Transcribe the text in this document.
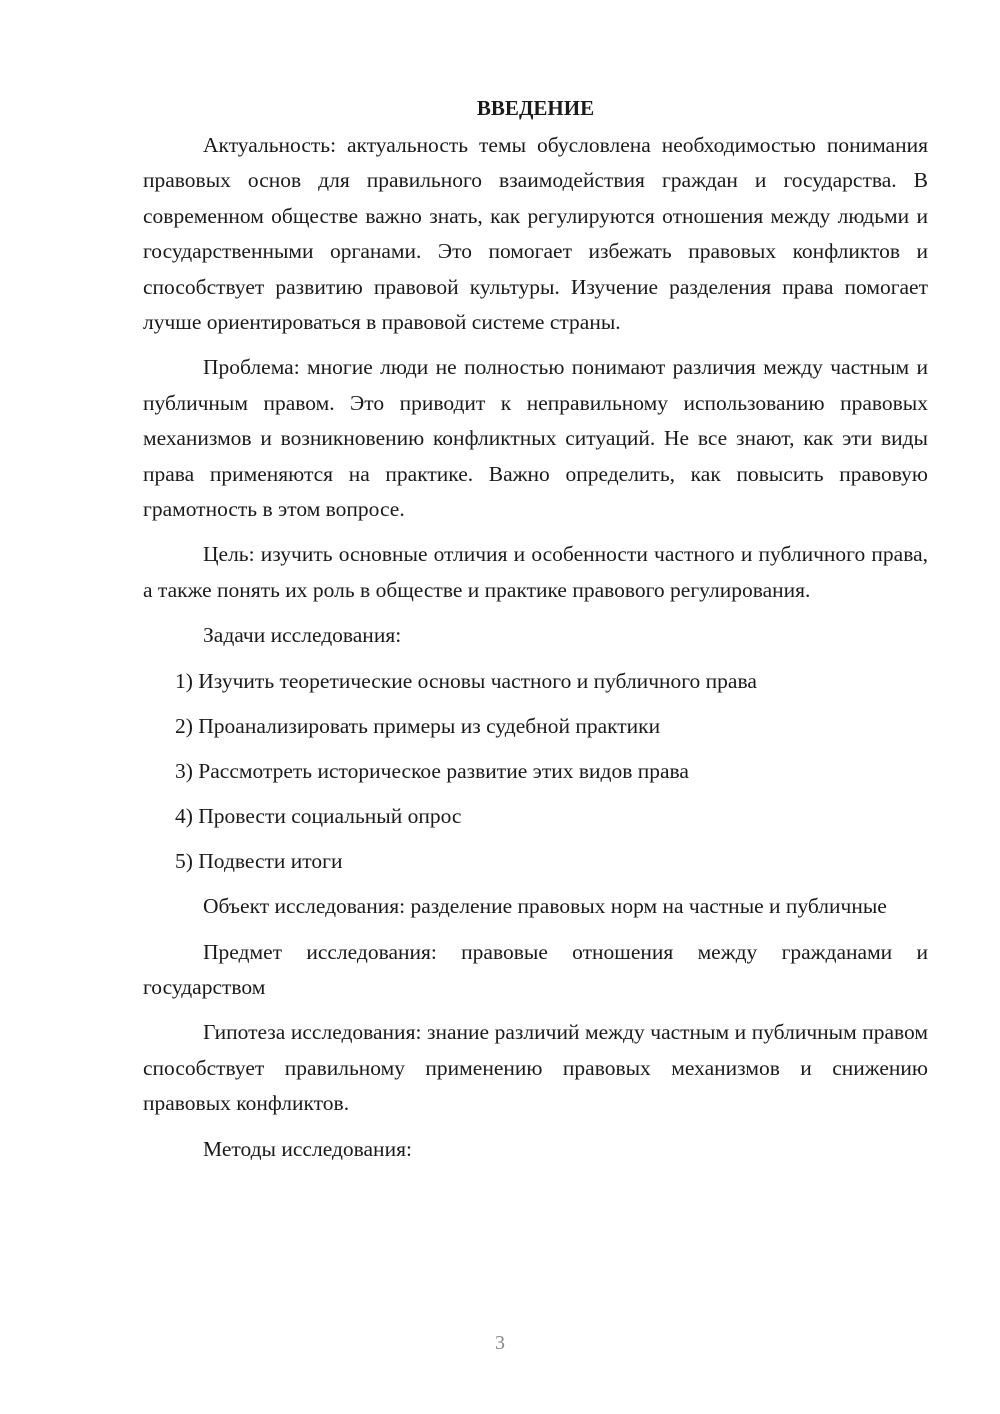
ВВЕДЕНИЕ

Актуальность: актуальность темы обусловлена необходимостью понимания правовых основ для правильного взаимодействия граждан и государства. В современном обществе важно знать, как регулируются отношения между людьми и государственными органами. Это помогает избежать правовых конфликтов и способствует развитию правовой культуры. Изучение разделения права помогает лучше ориентироваться в правовой системе страны.

Проблема: многие люди не полностью понимают различия между частным и публичным правом. Это приводит к неправильному использованию правовых механизмов и возникновению конфликтных ситуаций. Не все знают, как эти виды права применяются на практике. Важно определить, как повысить правовую грамотность в этом вопросе.

Цель: изучить основные отличия и особенности частного и публичного права, а также понять их роль в обществе и практике правового регулирования.

Задачи исследования:

1) Изучить теоретические основы частного и публичного права
2) Проанализировать примеры из судебной практики
3) Рассмотреть историческое развитие этих видов права
4) Провести социальный опрос
5) Подвести итоги

Объект исследования: разделение правовых норм на частные и публичные

Предмет исследования: правовые отношения между гражданами и государством

Гипотеза исследования: знание различий между частным и публичным правом способствует правильному применению правовых механизмов и снижению правовых конфликтов.

Методы исследования:

3
